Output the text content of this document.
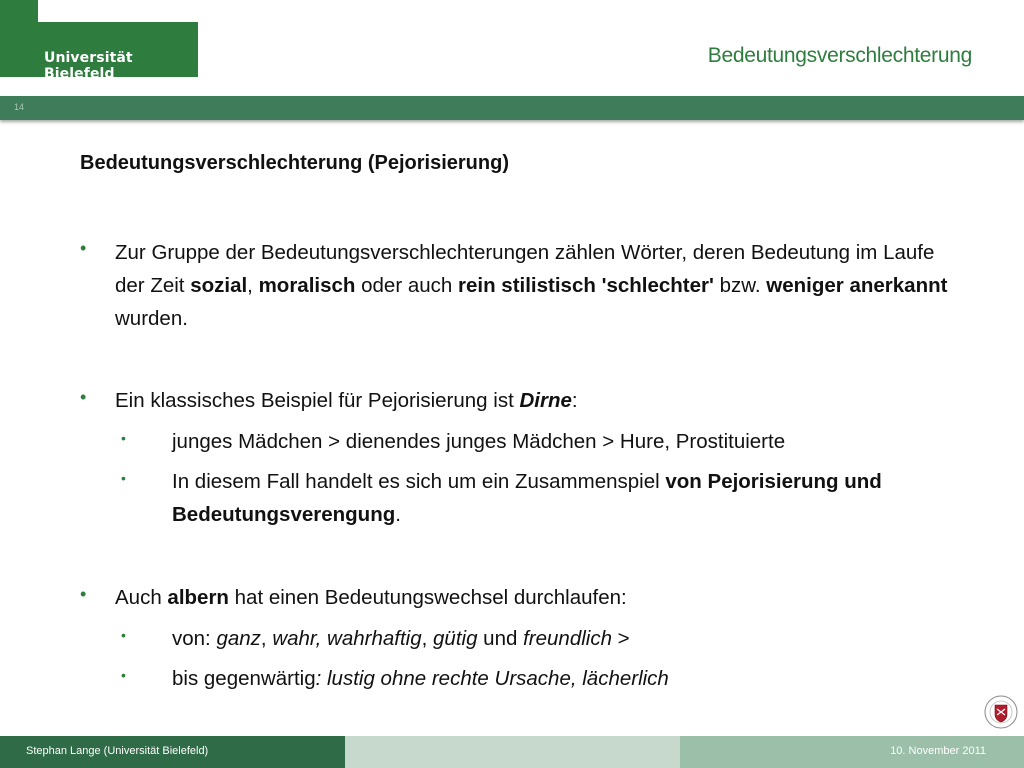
Universität Bielefeld
Bedeutungsverschlechterung
14
Bedeutungsverschlechterung (Pejorisierung)
• Zur Gruppe der Bedeutungsverschlechterungen zählen Wörter, deren Bedeutung im Laufe der Zeit sozial, moralisch oder auch rein stilistisch 'schlechter' bzw. weniger anerkannt wurden.
• Ein klassisches Beispiel für Pejorisierung ist Dirne:
• junges Mädchen > dienendes junges Mädchen > Hure, Prostituierte
• In diesem Fall handelt es sich um ein Zusammenspiel von Pejorisierung und Bedeutungsverengung.
• Auch albern hat einen Bedeutungswechsel durchlaufen:
• von: ganz, wahr, wahrhaftig, gütig und freundlich >
• bis gegenwärtig: lustig ohne rechte Ursache, lächerlich
Stephan Lange (Universität Bielefeld)	10. November 2011
